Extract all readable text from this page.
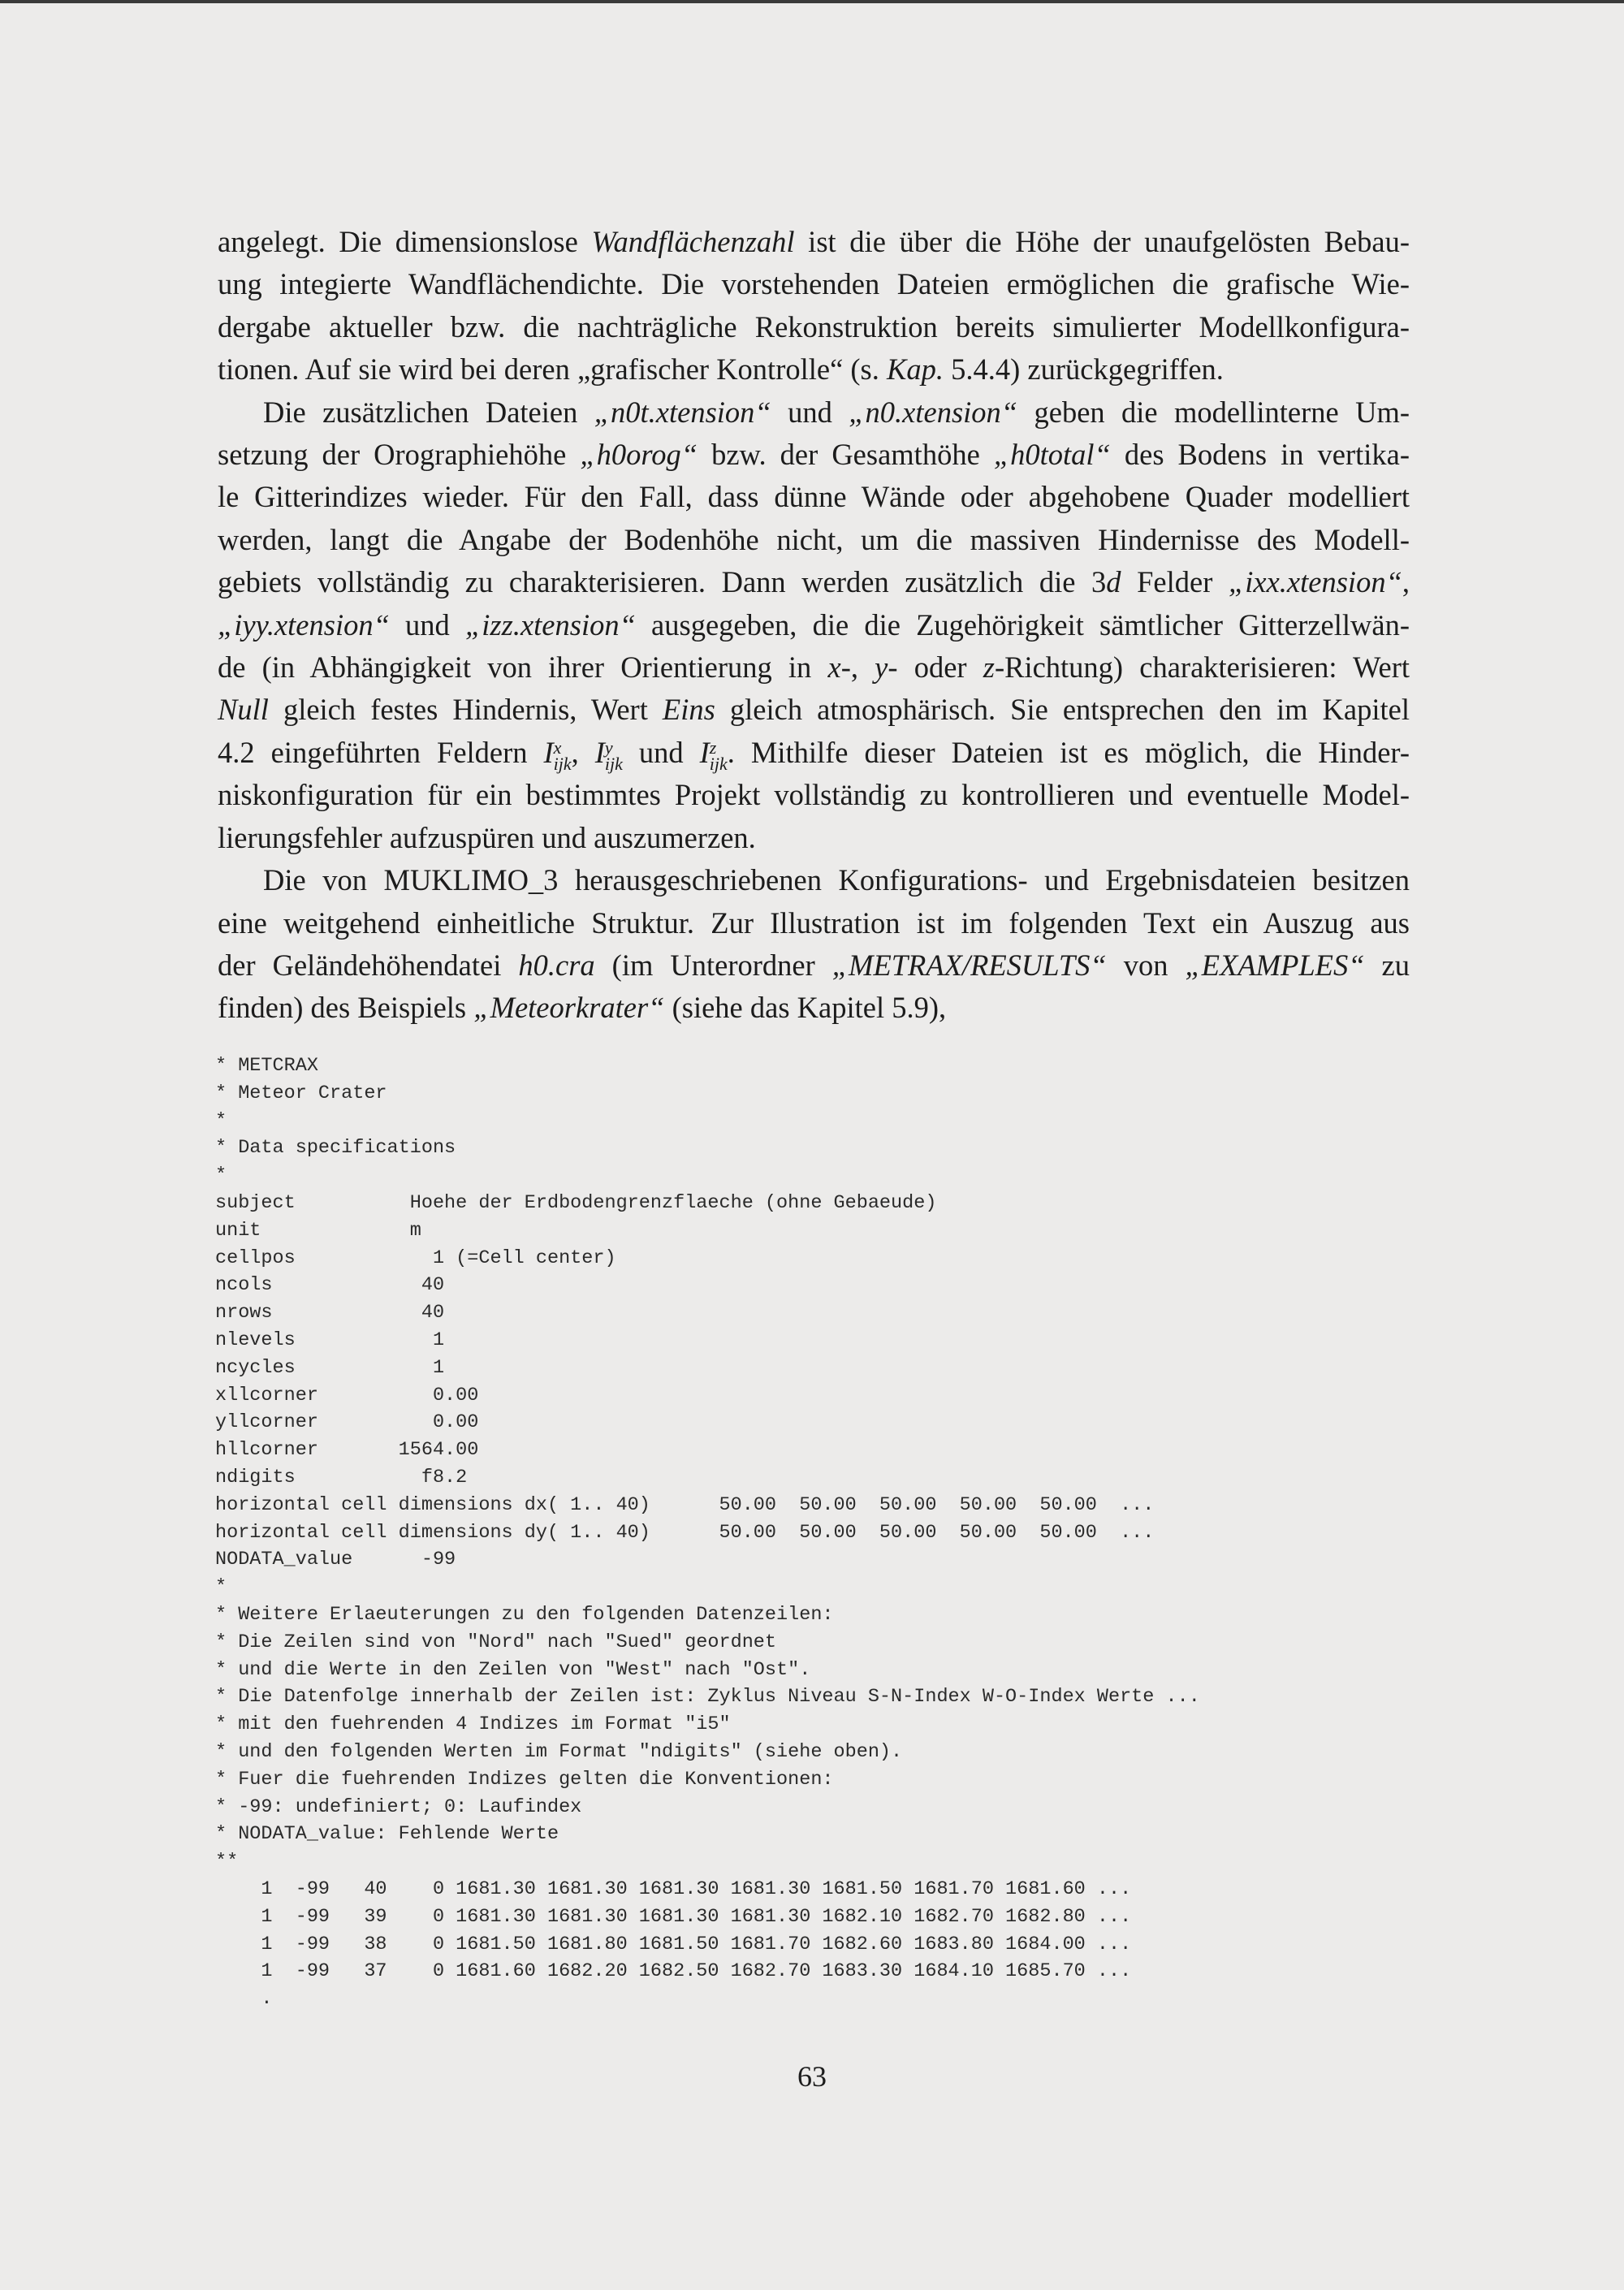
angelegt. Die dimensionslose Wandflächenzahl ist die über die Höhe der unaufgelösten Bebau-
ung integierte Wandflächendichte. Die vorstehenden Dateien ermöglichen die grafische Wie-
dergabe aktueller bzw. die nachträgliche Rekonstruktion bereits simulierter Modellkonfigura-
tionen. Auf sie wird bei deren „grafischer Kontrolle“ (s. Kap. 5.4.4) zurückgegriffen.

Die zusätzlichen Dateien „n0t.xtension“ und „n0.xtension“ geben die modellinterne Um-
setzung der Orographiehöhe „h0orog“ bzw. der Gesamthöhe „h0total“ des Bodens in vertika-
le Gitterindizes wieder. Für den Fall, dass dünne Wände oder abgehobene Quader modelliert
werden, langt die Angabe der Bodenhöhe nicht, um die massiven Hindernisse des Modell-
gebiets vollständig zu charakterisieren. Dann werden zusätzlich die 3d Felder „ixx.xtension“,
„iyy.xtension“ und „izz.xtension“ ausgegeben, die die Zugehörigkeit sämtlicher Gitterzellwän-
de (in Abhängigkeit von ihrer Orientierung in x-, y- oder z-Richtung) charakterisieren: Wert
Null gleich festes Hindernis, Wert Eins gleich atmosphärisch. Sie entsprechen den im Kapitel
4.2 eingeführten Feldern I x
ijk , I y
ijk und I z
ijk . Mithilfe dieser Dateien ist es möglich, die Hinder-
niskonfiguration für ein bestimmtes Projekt vollständig zu kontrollieren und eventuelle Model-
lierungsfehler aufzuspüren und auszumerzen.

Die von MUKLIMO_3 herausgeschriebenen Konfigurations- und Ergebnisdateien besitzen
eine weitgehend einheitliche Struktur. Zur Illustration ist im folgenden Text ein Auszug aus
der Geländehöhendatei h0.cra (im Unterordner „METRAX/RESULTS“ von „EXAMPLES“ zu
finden) des Beispiels „Meteorkrater“ (siehe das Kapitel 5.9),

* METCRAX
* Meteor Crater
*
* Data specifications
*
subject          Hoehe der Erdbodengrenzflaeche (ohne Gebaeude)
unit             m
cellpos            1 (=Cell center)
ncols             40
nrows             40
nlevels            1
ncycles            1
xllcorner          0.00
yllcorner          0.00
hllcorner       1564.00
ndigits           f8.2
horizontal cell dimensions dx( 1.. 40)      50.00  50.00  50.00  50.00  50.00  ...
horizontal cell dimensions dy( 1.. 40)      50.00  50.00  50.00  50.00  50.00  ...
NODATA_value      -99
*
* Weitere Erlaeuterungen zu den folgenden Datenzeilen:
* Die Zeilen sind von "Nord" nach "Sued" geordnet
* und die Werte in den Zeilen von "West" nach "Ost".
* Die Datenfolge innerhalb der Zeilen ist: Zyklus Niveau S-N-Index W-O-Index Werte ...
* mit den fuehrenden 4 Indizes im Format "i5"
* und den folgenden Werten im Format "ndigits" (siehe oben).
* Fuer die fuehrenden Indizes gelten die Konventionen:
* -99: undefiniert; 0: Laufindex
* NODATA_value: Fehlende Werte
**
1  -99   40    0 1681.30 1681.30 1681.30 1681.30 1681.50 1681.70 1681.60 ...
1  -99   39    0 1681.30 1681.30 1681.30 1681.30 1682.10 1682.70 1682.80 ...
1  -99   38    0 1681.50 1681.80 1681.50 1681.70 1682.60 1683.80 1684.00 ...
1  -99   37    0 1681.60 1682.20 1682.50 1682.70 1683.30 1684.10 1685.70 ...
.
63
